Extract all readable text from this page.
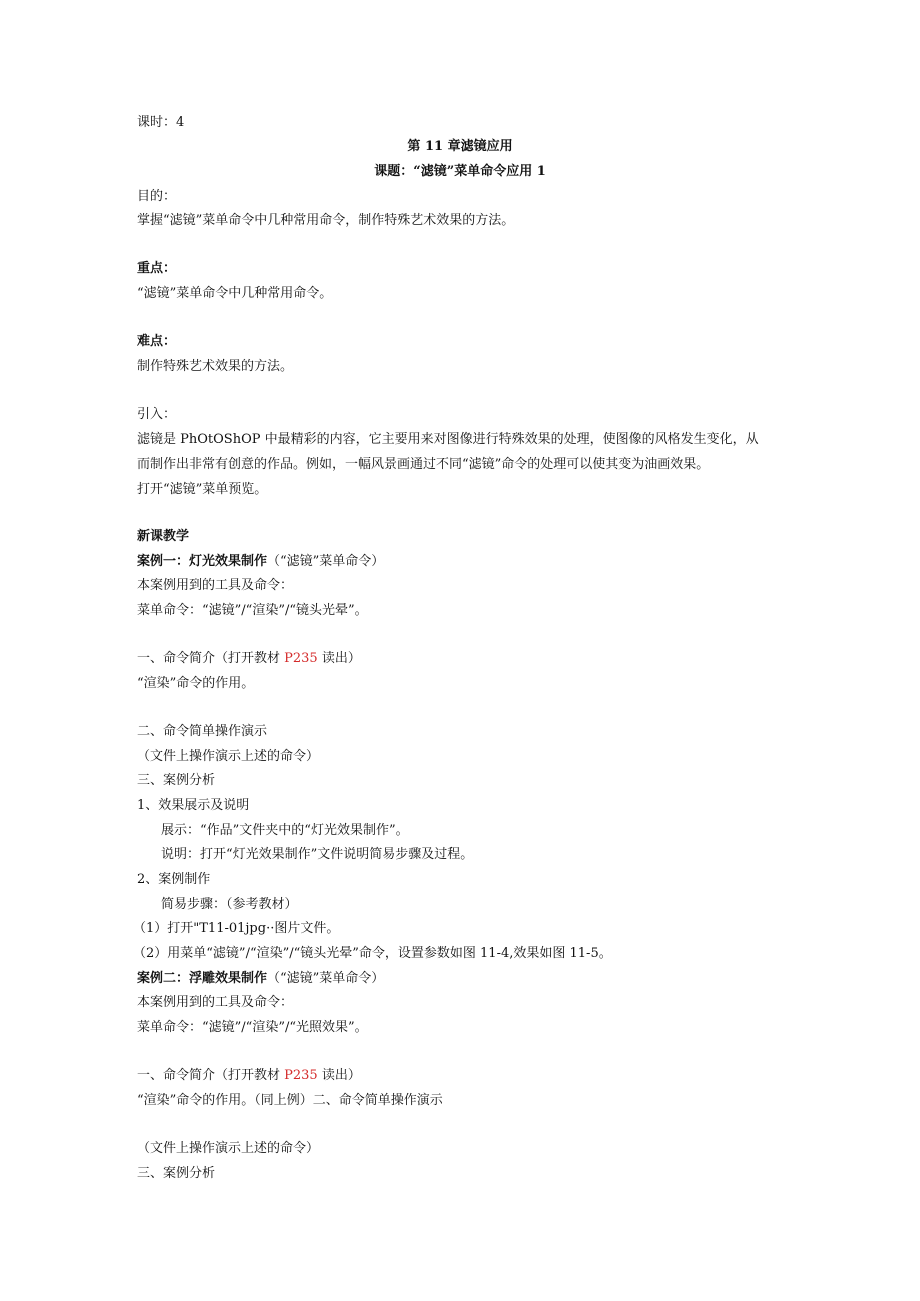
课时：4
第 11 章滤镜应用
课题：“滤镜”菜单命令应用 1
目的：
掌握“滤镜”菜单命令中几种常用命令，制作特殊艺术效果的方法。
重点：
“滤镜”菜单命令中几种常用命令。
难点：
制作特殊艺术效果的方法。
引入：
滤镜是 PhOtOShOP 中最精彩的内容，它主要用来对图像进行特殊效果的处理，使图像的风格发生变化，从
而制作出非常有创意的作品。例如，一幅风景画通过不同“滤镜”命令的处理可以使其变为油画效果。
打开“滤镜”菜单预览。
新课教学
案例一：灯光效果制作（“滤镜”菜单命令）
本案例用到的工具及命令：
菜单命令：“滤镜”/“渲染”/“镜头光晕”。
一、命令简介（打开教材 P235 读出）
“渲染”命令的作用。
二、命令简单操作演示
（文件上操作演示上述的命令）
三、案例分析
1、效果展示及说明
展示：“作品”文件夹中的“灯光效果制作”。
说明：打开“灯光效果制作”文件说明简易步骤及过程。
2、案例制作
简易步骤：（参考教材）
（1）打开"T11-01jpg··图片文件。
（2）用菜单“滤镜”/“渲染”/“镜头光晕”命令，设置参数如图 11-4,效果如图 11-5。
案例二：浮雕效果制作（“滤镜”菜单命令）
本案例用到的工具及命令：
菜单命令：“滤镜”/“渲染”/“光照效果”。
一、命令简介（打开教材 P235 读出）
“渲染”命令的作用。（同上例）二、命令简单操作演示
（文件上操作演示上述的命令）
三、案例分析
